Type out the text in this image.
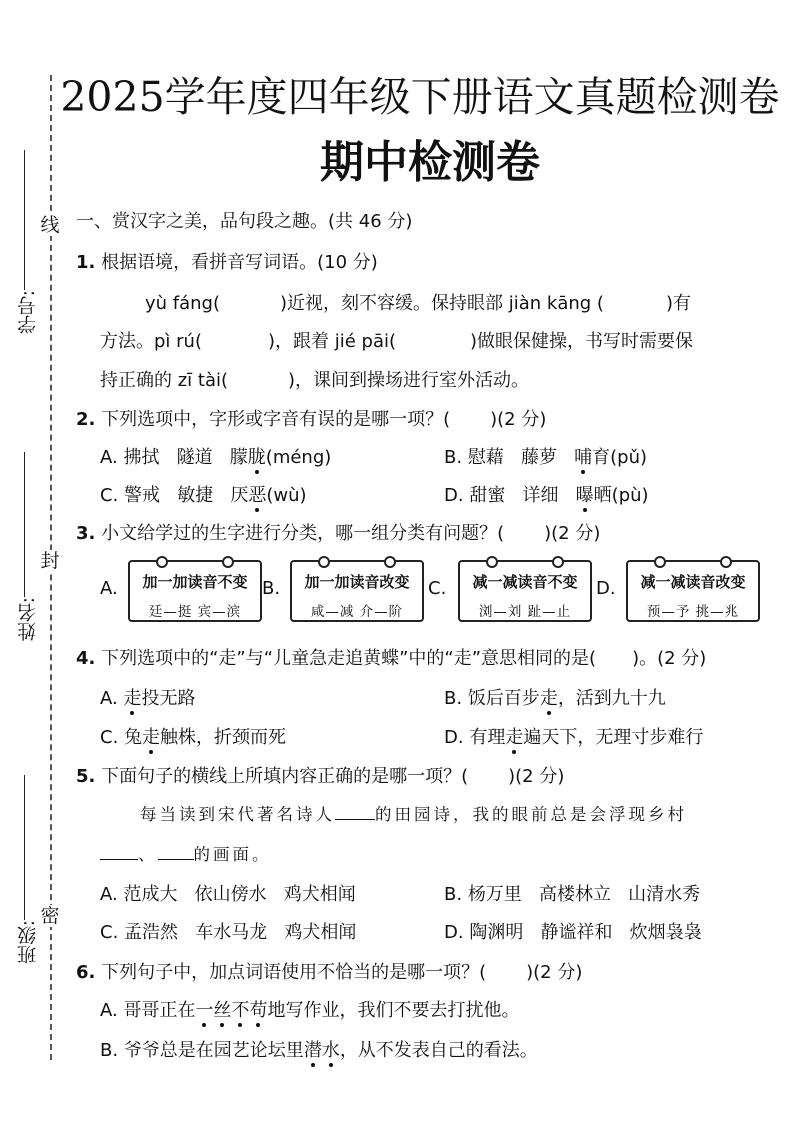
线
封
密
学号:
姓名:
班级:
2025学年度四年级下册语文真题检测卷
期中检测卷
一、赏汉字之美，品句段之趣。(共 46 分)
1. 根据语境，看拼音写词语。(10 分)
yù fáng(	)近视，刻不容缓。保持眼部 jiàn kāng (	)有
方法。pì rú(	)，跟着 jié pāi(	)做眼保健操，书写时需要保
持正确的 zī tài(	)，课间到操场进行室外活动。
2. 下列选项中，字形或字音有误的是哪一项？( )(2 分)
A. 拂拭 隧道 朦胧(méng)	B. 慰藉 藤萝 哺育(pǔ)
C. 警戒 敏捷 厌恶(wù)	D. 甜蜜 详细 曝晒(pù)
3. 小文给学过的生字进行分类，哪一组分类有问题？( )(2 分)
A.	加一加读音不变
廷—挺 宾—滨
B.	加一加读音改变
咸—减 介—阶
C.	减一减读音不变
浏—刘 趾—止
D.	减一减读音改变
预—予 挑—兆
4. 下列选项中的“走”与“儿童急走追黄蝶”中的“走”意思相同的是( )。(2 分)
A. 走投无路	B. 饭后百步走，活到九十九
C. 兔走触株，折颈而死	D. 有理走遍天下，无理寸步难行
5. 下面句子的横线上所填内容正确的是哪一项？( )(2 分)
每当读到宋代著名诗人 的田园诗，我的眼前总是会浮现乡村
、 的画面。
A. 范成大 依山傍水 鸡犬相闻	B. 杨万里 高楼林立 山清水秀
C. 孟浩然 车水马龙 鸡犬相闻	D. 陶渊明 静谧祥和 炊烟袅袅
6. 下列句子中，加点词语使用不恰当的是哪一项？( )(2 分)
A. 哥哥正在一丝不苟地写作业，我们不要去打扰他。
B. 爷爷总是在园艺论坛里潜水，从不发表自己的看法。
